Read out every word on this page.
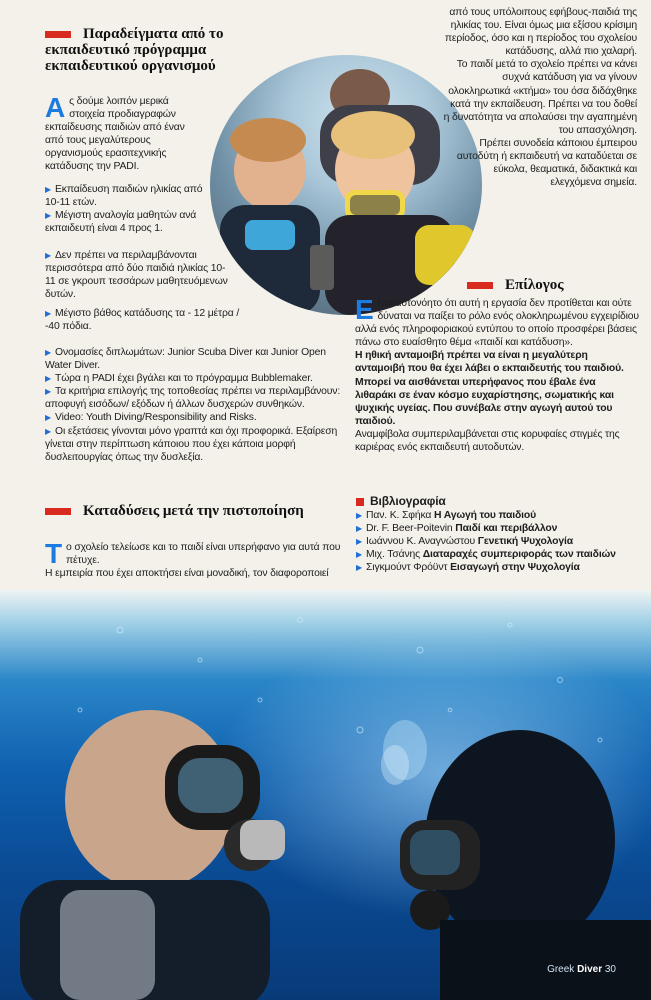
Παραδείγματα από το εκπαιδευτικό πρόγραμμα εκπαιδευτικού οργανισμού
Ας δούμε λοιπόν μερικά στοιχεία προδιαγραφών εκπαίδευσης παιδιών από έναν από τους μεγαλύτερους οργανισμούς ερασιτεχνικής κατάδυσης την PADI.

▶ Εκπαίδευση παιδιών ηλικίας από 10-11 ετών.

▶ Μέγιστη αναλογία μαθητών ανά εκπαιδευτή είναι 4 προς 1.

▶ Δεν πρέπει να περιλαμβάνονται περισσότερα από δύο παιδιά ηλικίας 10-11 σε γκρουπ τεσσάρων μαθητευόμενων δυτών.

▶ Μέγιστο βάθος κατάδυσης τα - 12 μέτρα / -40 πόδια.

▶ Ονομασίες διπλωμάτων: Junior Scuba Diver και Junior Open Water Diver.

▶ Τώρα η PADI έχει βγάλει και το πρόγραμμα Bubblemaker.

▶ Τα κριτήρια επιλογής της τοποθεσίας πρέπει να περιλαμβάνουν: αποφυγή εισόδων/ εξόδων ή άλλων δυσχερών συνθηκών.

▶ Video: Youth Diving/Responsibility and Risks.

▶ Οι εξετάσεις γίνονται μόνο γραπτά και όχι προφορικά. Εξαίρεση γίνεται στην περίπτωση κάποιου που έχει κάποια μορφή δυσλειτουργίας όπως την δυσλεξία.

Καταδύσεις μετά την πιστοποίηση
Το σχολείο τελείωσε και το παιδί είναι υπερήφανο για αυτά που πέτυχε.

Η εμπειρία που έχει αποκτήσει είναι μοναδική, τον διαφοροποιεί

από τους υπόλοιπους εφήβους-παιδιά της ηλικίας του. Είναι όμως μια εξίσου κρίσιμη περίοδος, όσο και η περίοδος του σχολείου κατάδυσης, αλλά πιο χαλαρή.

Το παιδί μετά το σχολείο πρέπει να κάνει συχνά κατάδυση για να γίνουν ολοκληρωτικά «κτήμα» του όσα διδάχθηκε κατά την εκπαίδευση. Πρέπει να του δοθεί η δυνατότητα να απολαύσει την αγαπημένη του απασχόληση.

Πρέπει συνοδεία κάποιου έμπειρου αυτοδύτη ή εκπαιδευτή να καταδύεται σε εύκολα, θεαματικά, διδακτικά και ελεγχόμενα σημεία.

Επίλογος
Είναι αυτονόητο ότι αυτή η εργασία δεν προτίθεται και ούτε δύναται να παίξει το ρόλο ενός ολοκληρωμένου εγχειρίδιου αλλά ενός πληροφοριακού εντύπου το οποίο προσφέρει βάσεις πάνω στο ευαίσθητο θέμα «παιδί και κατάδυση».

Η ηθική ανταμοιβή πρέπει να είναι η μεγαλύτερη ανταμοιβή που θα έχει λάβει ο εκπαιδευτής του παιδιού. Μπορεί να αισθάνεται υπερήφανος που έβαλε ένα λιθαράκι σε έναν κόσμο ευχαρίστησης, σωματικής και ψυχικής υγείας. Που συνέβαλε στην αγωγή αυτού του παιδιού.

Αναμφίβολα συμπεριλαμβάνεται στις κορυφαίες στιγμές της καριέρας ενός εκπαιδευτή αυτοδυτών.

Βιβλιογραφία

▶ Παν. Κ. Σφήκα Η Αγωγή του παιδιού

▶ Dr. F. Beer-Poitevin Παιδί και περιβάλλον

▶ Ιωάννου Κ. Αναγνώστου Γενετική Ψυχολογία

▶ Μιχ. Τσάνης Διαταραχές συμπεριφοράς των παιδιών

▶ Σιγκμούντ Φρόϋντ Εισαγωγή στην Ψυχολογία

Greek Diver 30
